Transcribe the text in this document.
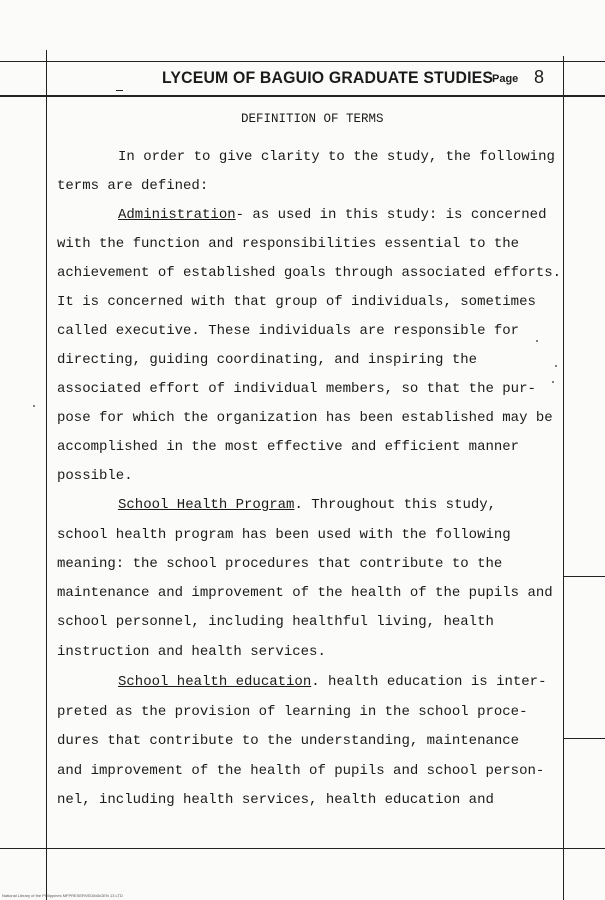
LYCEUM OF BAGUIO GRADUATE STUDIES
Page 8
DEFINITION OF TERMS
In order to give clarity to the study, the following
terms are defined:
Administration- as used in this study: is concerned
with the function and responsibilities essential to the
achievement of established goals through associated efforts.
It is concerned with that group of individuals, sometimes
called executive. These individuals are responsible for
directing, guiding coordinating, and inspiring the
associated effort of individual members, so that the pur-
pose for which the organization has been established may be
accomplished in the most effective and efficient manner
possible.
School Health Program. Throughout this study,
school health program has been used with the following
meaning: the school procedures that contribute to the
maintenance and improvement of the health of the pupils and
school personnel, including healthful living, health
instruction and health services.
School health education. health education is inter-
preted as the provision of learning in the school proce-
dures that contribute to the understanding, maintenance
and improvement of the health of pupils and school person-
nel, including health services, health education and
National Library of the Philippines MFPRESERVEDIMAGEN 13 LTD
